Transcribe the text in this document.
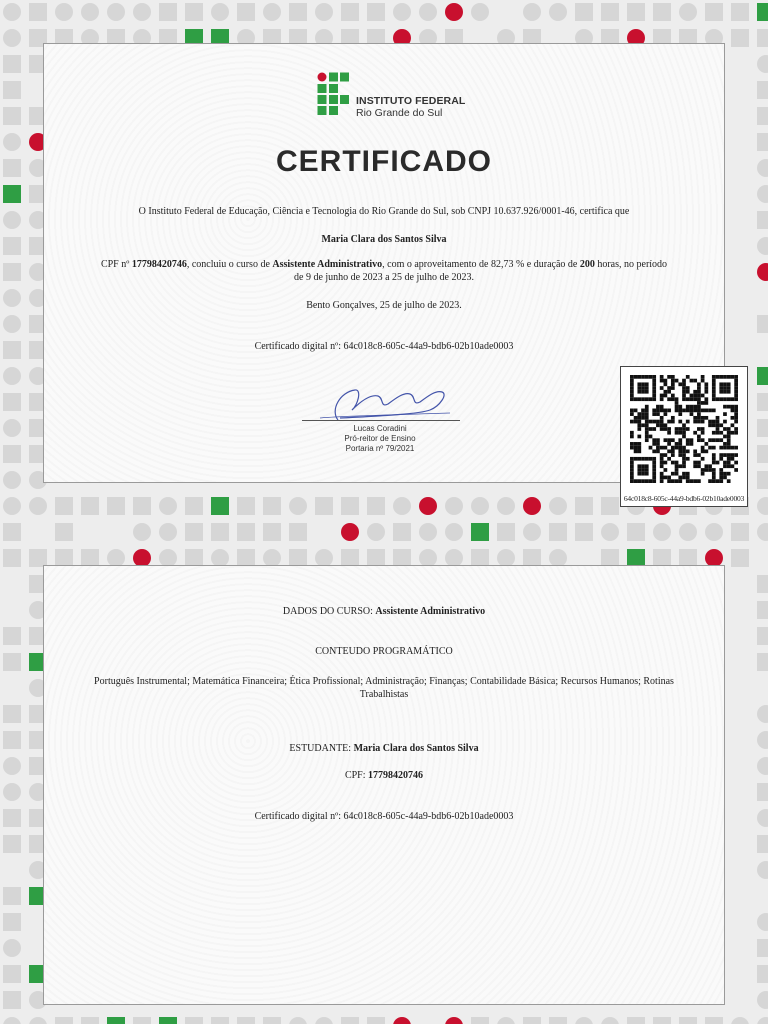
INSTITUTO FEDERAL
Rio Grande do Sul
CERTIFICADO
O Instituto Federal de Educação, Ciência e Tecnologia do Rio Grande do Sul, sob CNPJ 10.637.926/0001-46, certifica que
Maria Clara dos Santos Silva
CPF nº 17798420746, concluiu o curso de Assistente Administrativo, com o aproveitamento de 82,73 % e duração de 200 horas, no período
de 9 de junho de 2023 a 25 de julho de 2023.
Bento Gonçalves, 25 de julho de 2023.
Certificado digital nº: 64c018c8-605c-44a9-bdb6-02b10ade0003
Lucas Coradini
Pró-reitor de Ensino
Portaria nº 79/2021
64c018c8-605c-44a9-bdb6-02b10ade0003
DADOS DO CURSO: Assistente Administrativo
CONTEUDO PROGRAMÁTICO
Português Instrumental; Matemática Financeira; Ética Profissional; Administração; Finanças; Contabilidade Básica; Recursos Humanos; Rotinas
Trabalhistas
ESTUDANTE: Maria Clara dos Santos Silva
CPF: 17798420746
Certificado digital nº: 64c018c8-605c-44a9-bdb6-02b10ade0003
